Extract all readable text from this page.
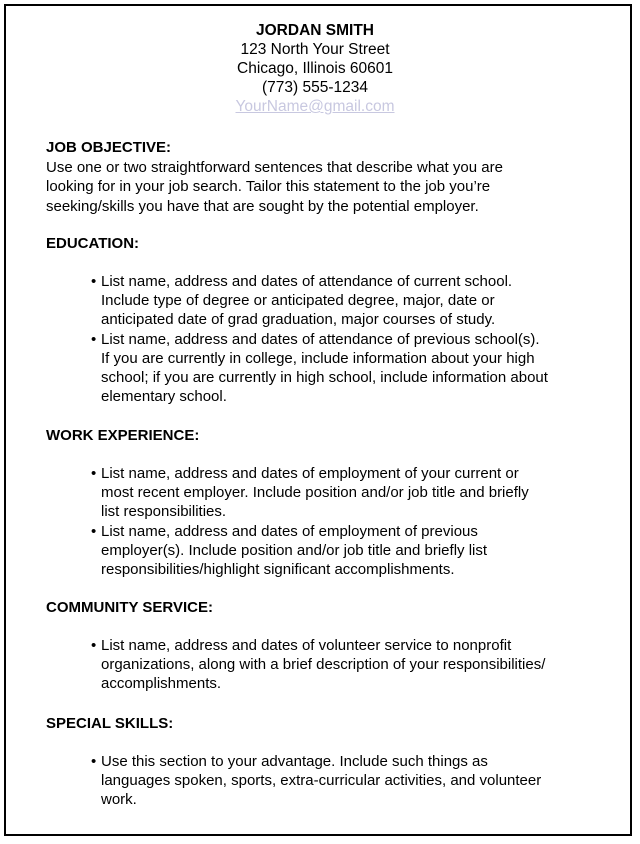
JORDAN SMITH
123 North Your Street
Chicago, Illinois 60601
(773) 555-1234
YourName@gmail.com
JOB OBJECTIVE:
Use one or two straightforward sentences that describe what you are
looking for in your job search. Tailor this statement to the job you’re
seeking/skills you have that are sought by the potential employer.
EDUCATION:
• List name, address and dates of attendance of current school.
Include type of degree or anticipated degree, major, date or
anticipated date of grad graduation, major courses of study.
• List name, address and dates of attendance of previous school(s).
If you are currently in college, include information about your high
school; if you are currently in high school, include information about
elementary school.
WORK EXPERIENCE:
• List name, address and dates of employment of your current or
most recent employer. Include position and/or job title and briefly
list responsibilities.
• List name, address and dates of employment of previous
employer(s). Include position and/or job title and briefly list
responsibilities/highlight significant accomplishments.
COMMUNITY SERVICE:
• List name, address and dates of volunteer service to nonprofit
organizations, along with a brief description of your responsibilities/
accomplishments.
SPECIAL SKILLS:
• Use this section to your advantage. Include such things as
languages spoken, sports, extra-curricular activities, and volunteer
work.
